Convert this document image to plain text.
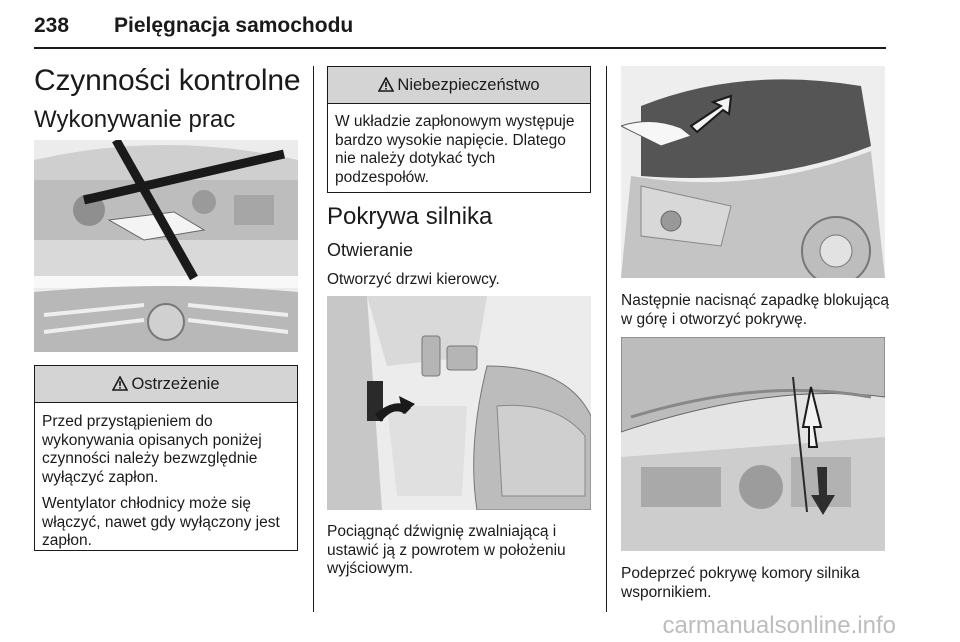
238 Pielęgnacja samochodu
Czynności kontrolne
Wykonywanie prac
Ostrzeżenie

Przed przystąpieniem do wykonywania opisanych poniżej czynności należy bezwzględnie wyłączyć zapłon.

Wentylator chłodnicy może się włączyć, nawet gdy wyłączony jest zapłon.

Niebezpieczeństwo

W układzie zapłonowym występuje bardzo wysokie napięcie. Dlatego nie należy dotykać tych podzespołów.

Pokrywa silnika
Otwieranie
Otworzyć drzwi kierowcy.
Pociągnąć dźwignię zwalniającą i ustawić ją z powrotem w położeniu wyjściowym.
Następnie nacisnąć zapadkę blokującą w górę i otworzyć pokrywę.
Podeprzeć pokrywę komory silnika wspornikiem.
carmanualsonline.info
